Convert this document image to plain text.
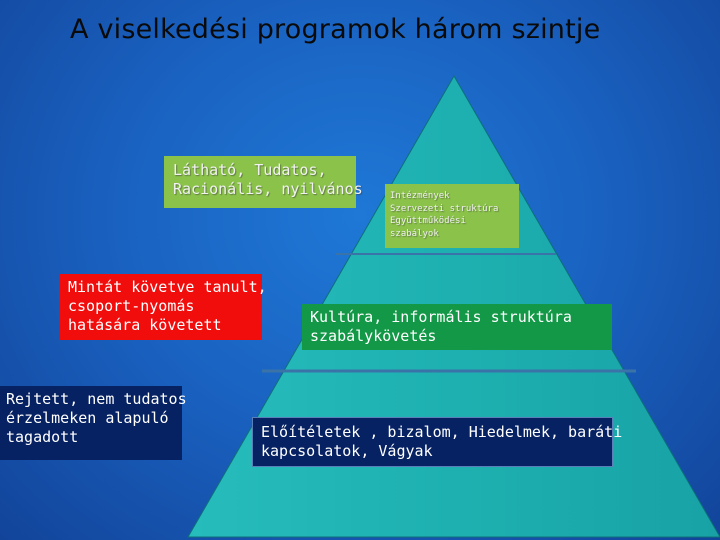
A viselkedési programok három szintje
Látható, Tudatos,
Racionális, nyilvános
Mintát követve tanult,
csoport-nyomás
hatására követett
Rejtett, nem tudatos
érzelmeken alapuló
tagadott
Intézmények
Szervezeti struktúra
Együttműködési
szabályok
Kultúra, informális struktúra
szabálykövetés
Előítéletek , bizalom, Hiedelmek, baráti
kapcsolatok, Vágyak
